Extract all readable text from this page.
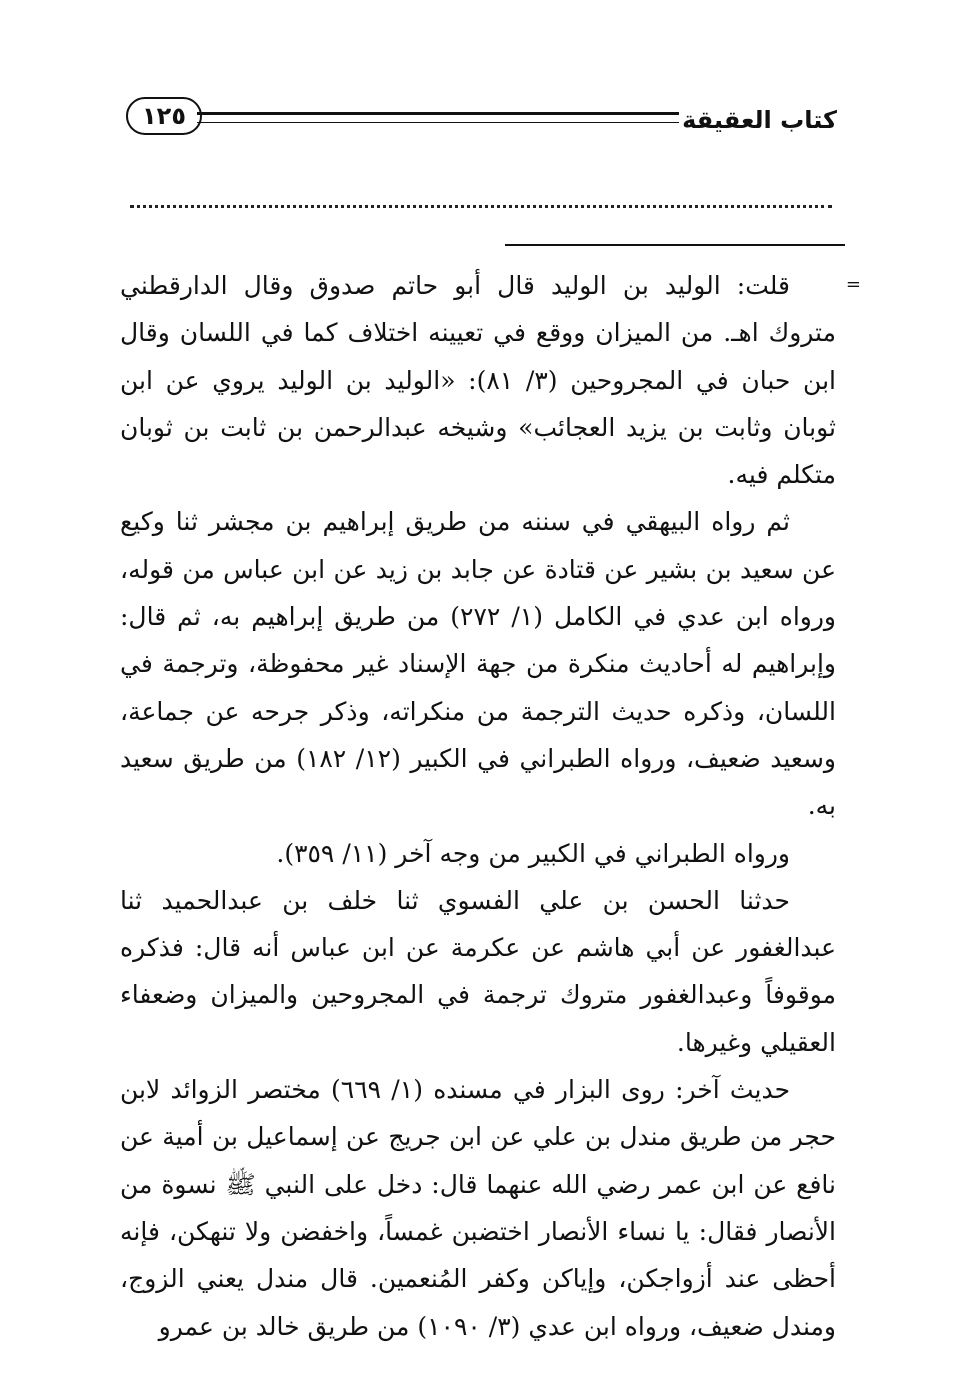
كتاب العقيقة
١٢٥
=

قلت: الوليد بن الوليد قال أبو حاتم صدوق وقال الدارقطني متروك اهـ. من الميزان ووقع في تعيينه اختلاف كما في اللسان وقال ابن حبان في المجروحين (٣/ ٨١): «الوليد بن الوليد يروي عن ابن ثوبان وثابت بن يزيد العجائب» وشيخه عبدالرحمن بن ثابت بن ثوبان متكلم فيه.

ثم رواه البيهقي في سننه من طريق إبراهيم بن مجشر ثنا وكيع عن سعيد بن بشير عن قتادة عن جابد بن زيد عن ابن عباس من قوله، ورواه ابن عدي في الكامل (١/ ٢٧٢) من طريق إبراهيم به، ثم قال: وإبراهيم له أحاديث منكرة من جهة الإسناد غير محفوظة، وترجمة في اللسان، وذكره حديث الترجمة من منكراته، وذكر جرحه عن جماعة، وسعيد ضعيف، ورواه الطبراني في الكبير (١٢/ ١٨٢) من طريق سعيد به.

ورواه الطبراني في الكبير من وجه آخر (١١/ ٣٥٩).

حدثنا الحسن بن علي الفسوي ثنا خلف بن عبدالحميد ثنا عبدالغفور عن أبي هاشم عن عكرمة عن ابن عباس أنه قال: فذكره موقوفاً وعبدالغفور متروك ترجمة في المجروحين والميزان وضعفاء العقيلي وغيرها.

حديث آخر: روى البزار في مسنده (١/ ٦٦٩) مختصر الزوائد لابن حجر من طريق مندل بن علي عن ابن جريج عن إسماعيل بن أمية عن نافع عن ابن عمر رضي الله عنهما قال: دخل على النبي ﷺ نسوة من الأنصار فقال: يا نساء الأنصار اختضبن غمساً، واخفضن ولا تنهكن، فإنه أحظى عند أزواجكن، وإياكن وكفر المُنعمين. قال مندل يعني الزوج، ومندل ضعيف، ورواه ابن عدي (٣/ ١٠٩٠) من طريق خالد بن عمرو
